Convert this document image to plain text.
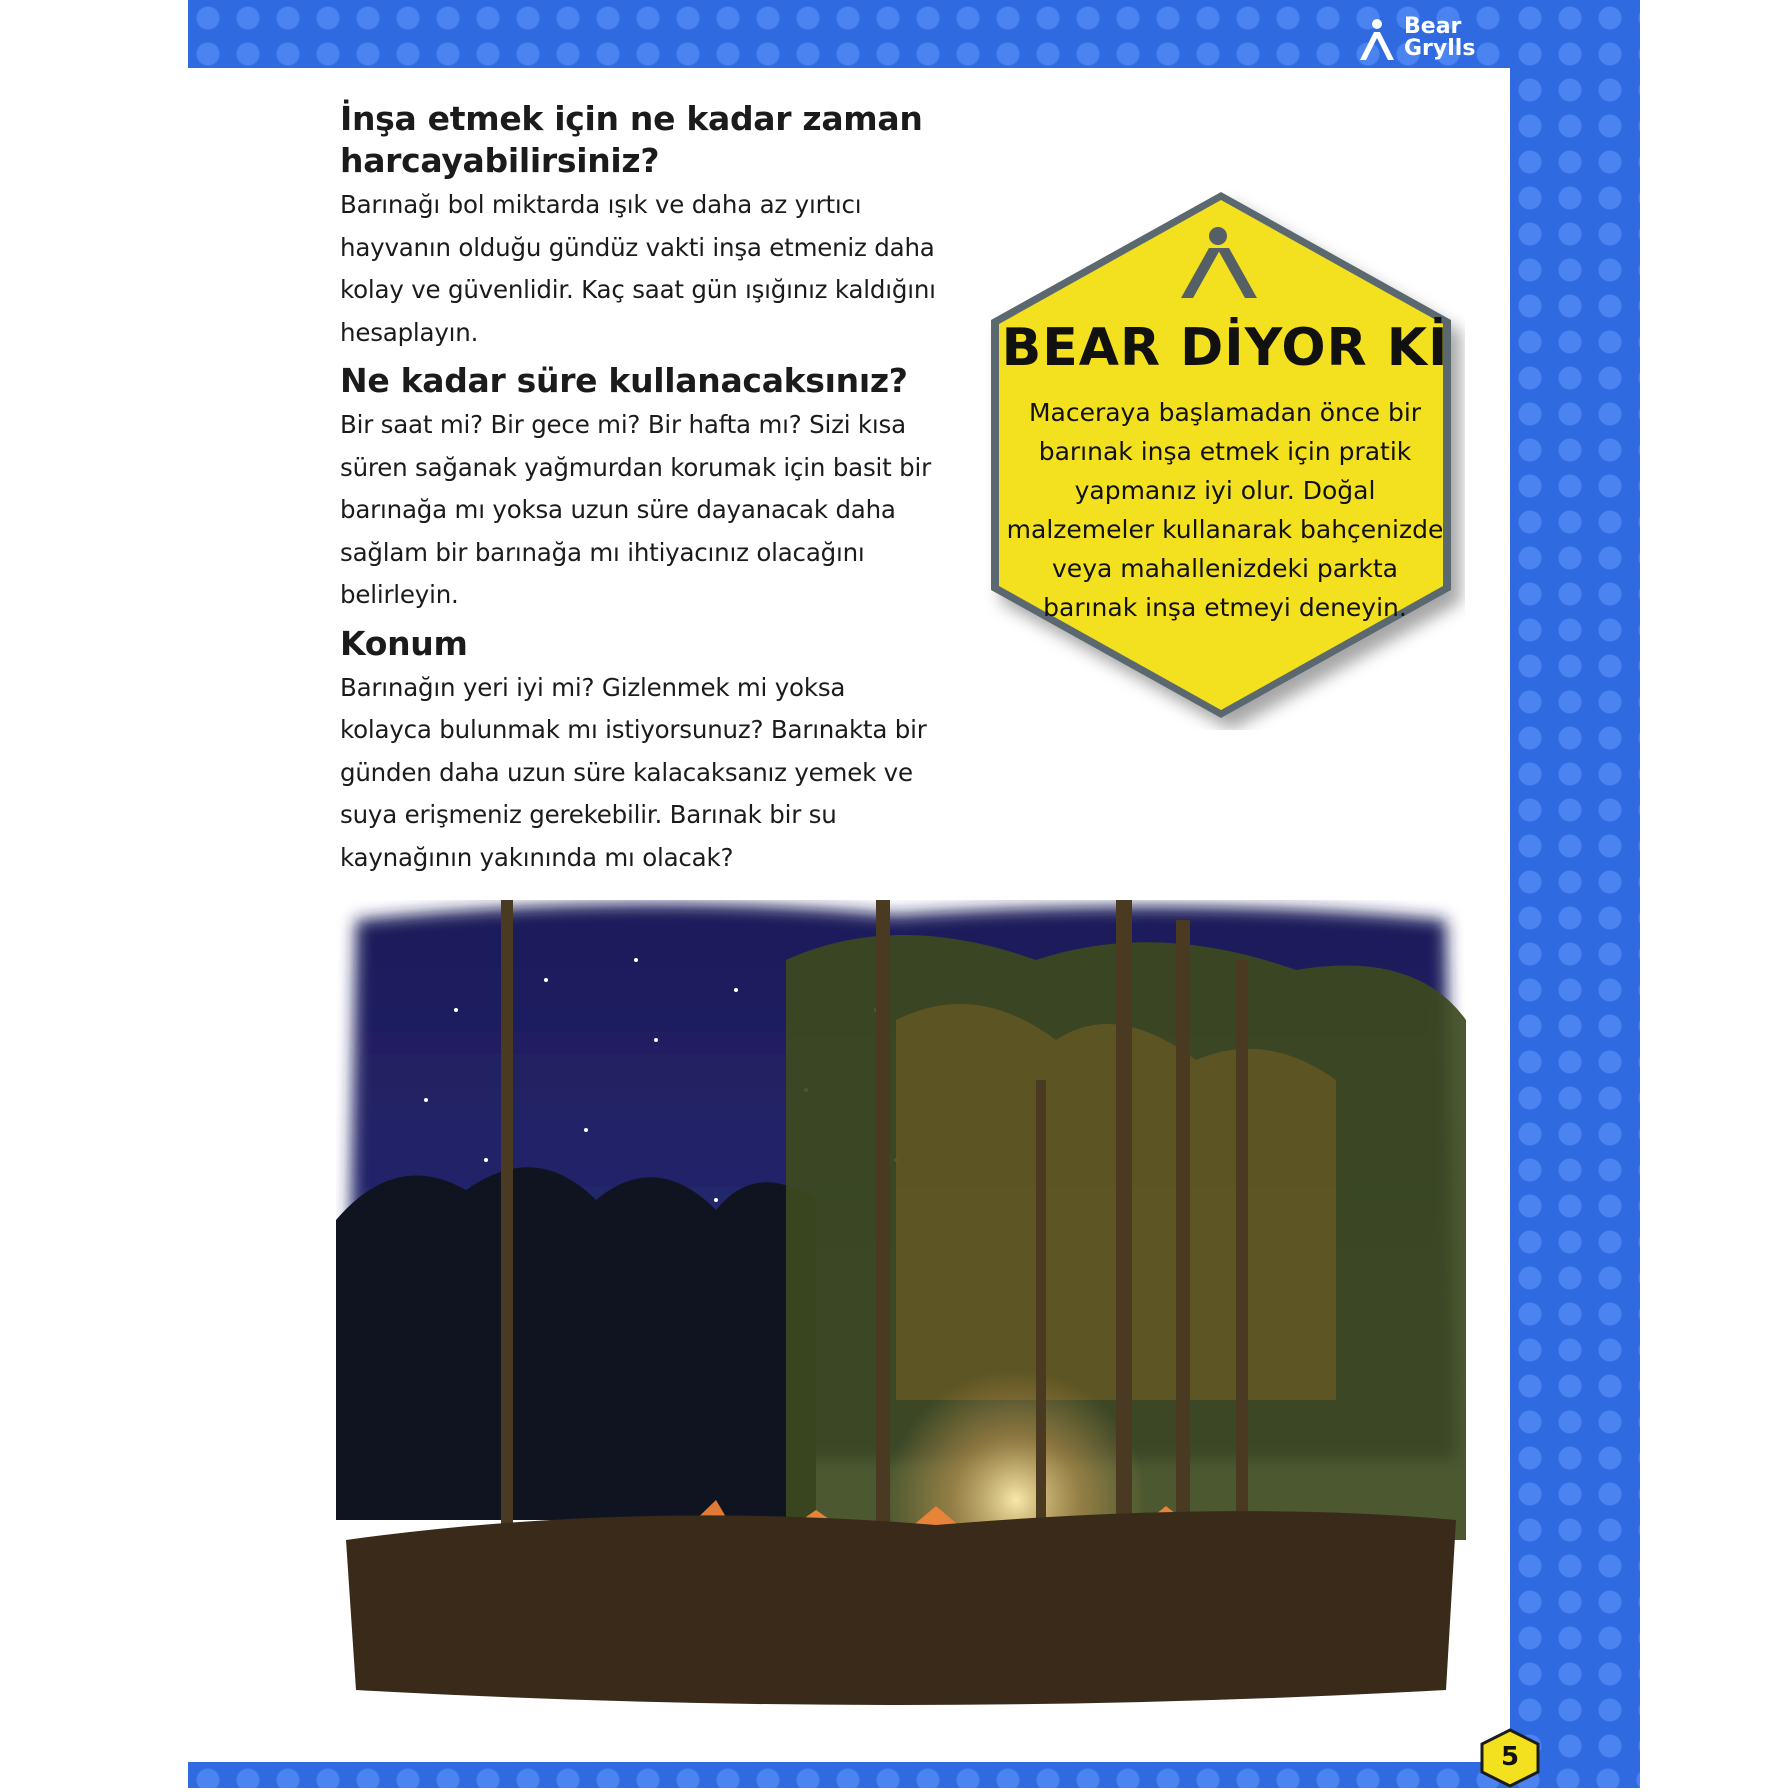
Bear
Grylls
İnşa etmek için ne kadar zaman harcayabilirsiniz?

Barınağı bol miktarda ışık ve daha az yırtıcı hayvanın olduğu gündüz vakti inşa etmeniz daha kolay ve güvenlidir. Kaç saat gün ışığınız kaldığını hesaplayın.

Ne kadar süre kullanacaksınız?

Bir saat mi? Bir gece mi? Bir hafta mı? Sizi kısa süren sağanak yağmurdan korumak için basit bir barınağa mı yoksa uzun süre dayanacak daha sağlam bir barınağa mı ihtiyacınız olacağını belirleyin.

Konum

Barınağın yeri iyi mi? Gizlenmek mi yoksa kolayca bulunmak mı istiyorsunuz? Barınakta bir günden daha uzun süre kalacaksanız yemek ve suya erişmeniz gerekebilir. Barınak bir su kaynağının yakınında mı olacak?

BEAR DİYOR Kİ
Maceraya başlamadan önce bir barınak inşa etmek için pratik yapmanız iyi olur. Doğal malzemeler kullanarak bahçenizde veya mahallenizdeki parkta barınak inşa etmeyi deneyin.
5
